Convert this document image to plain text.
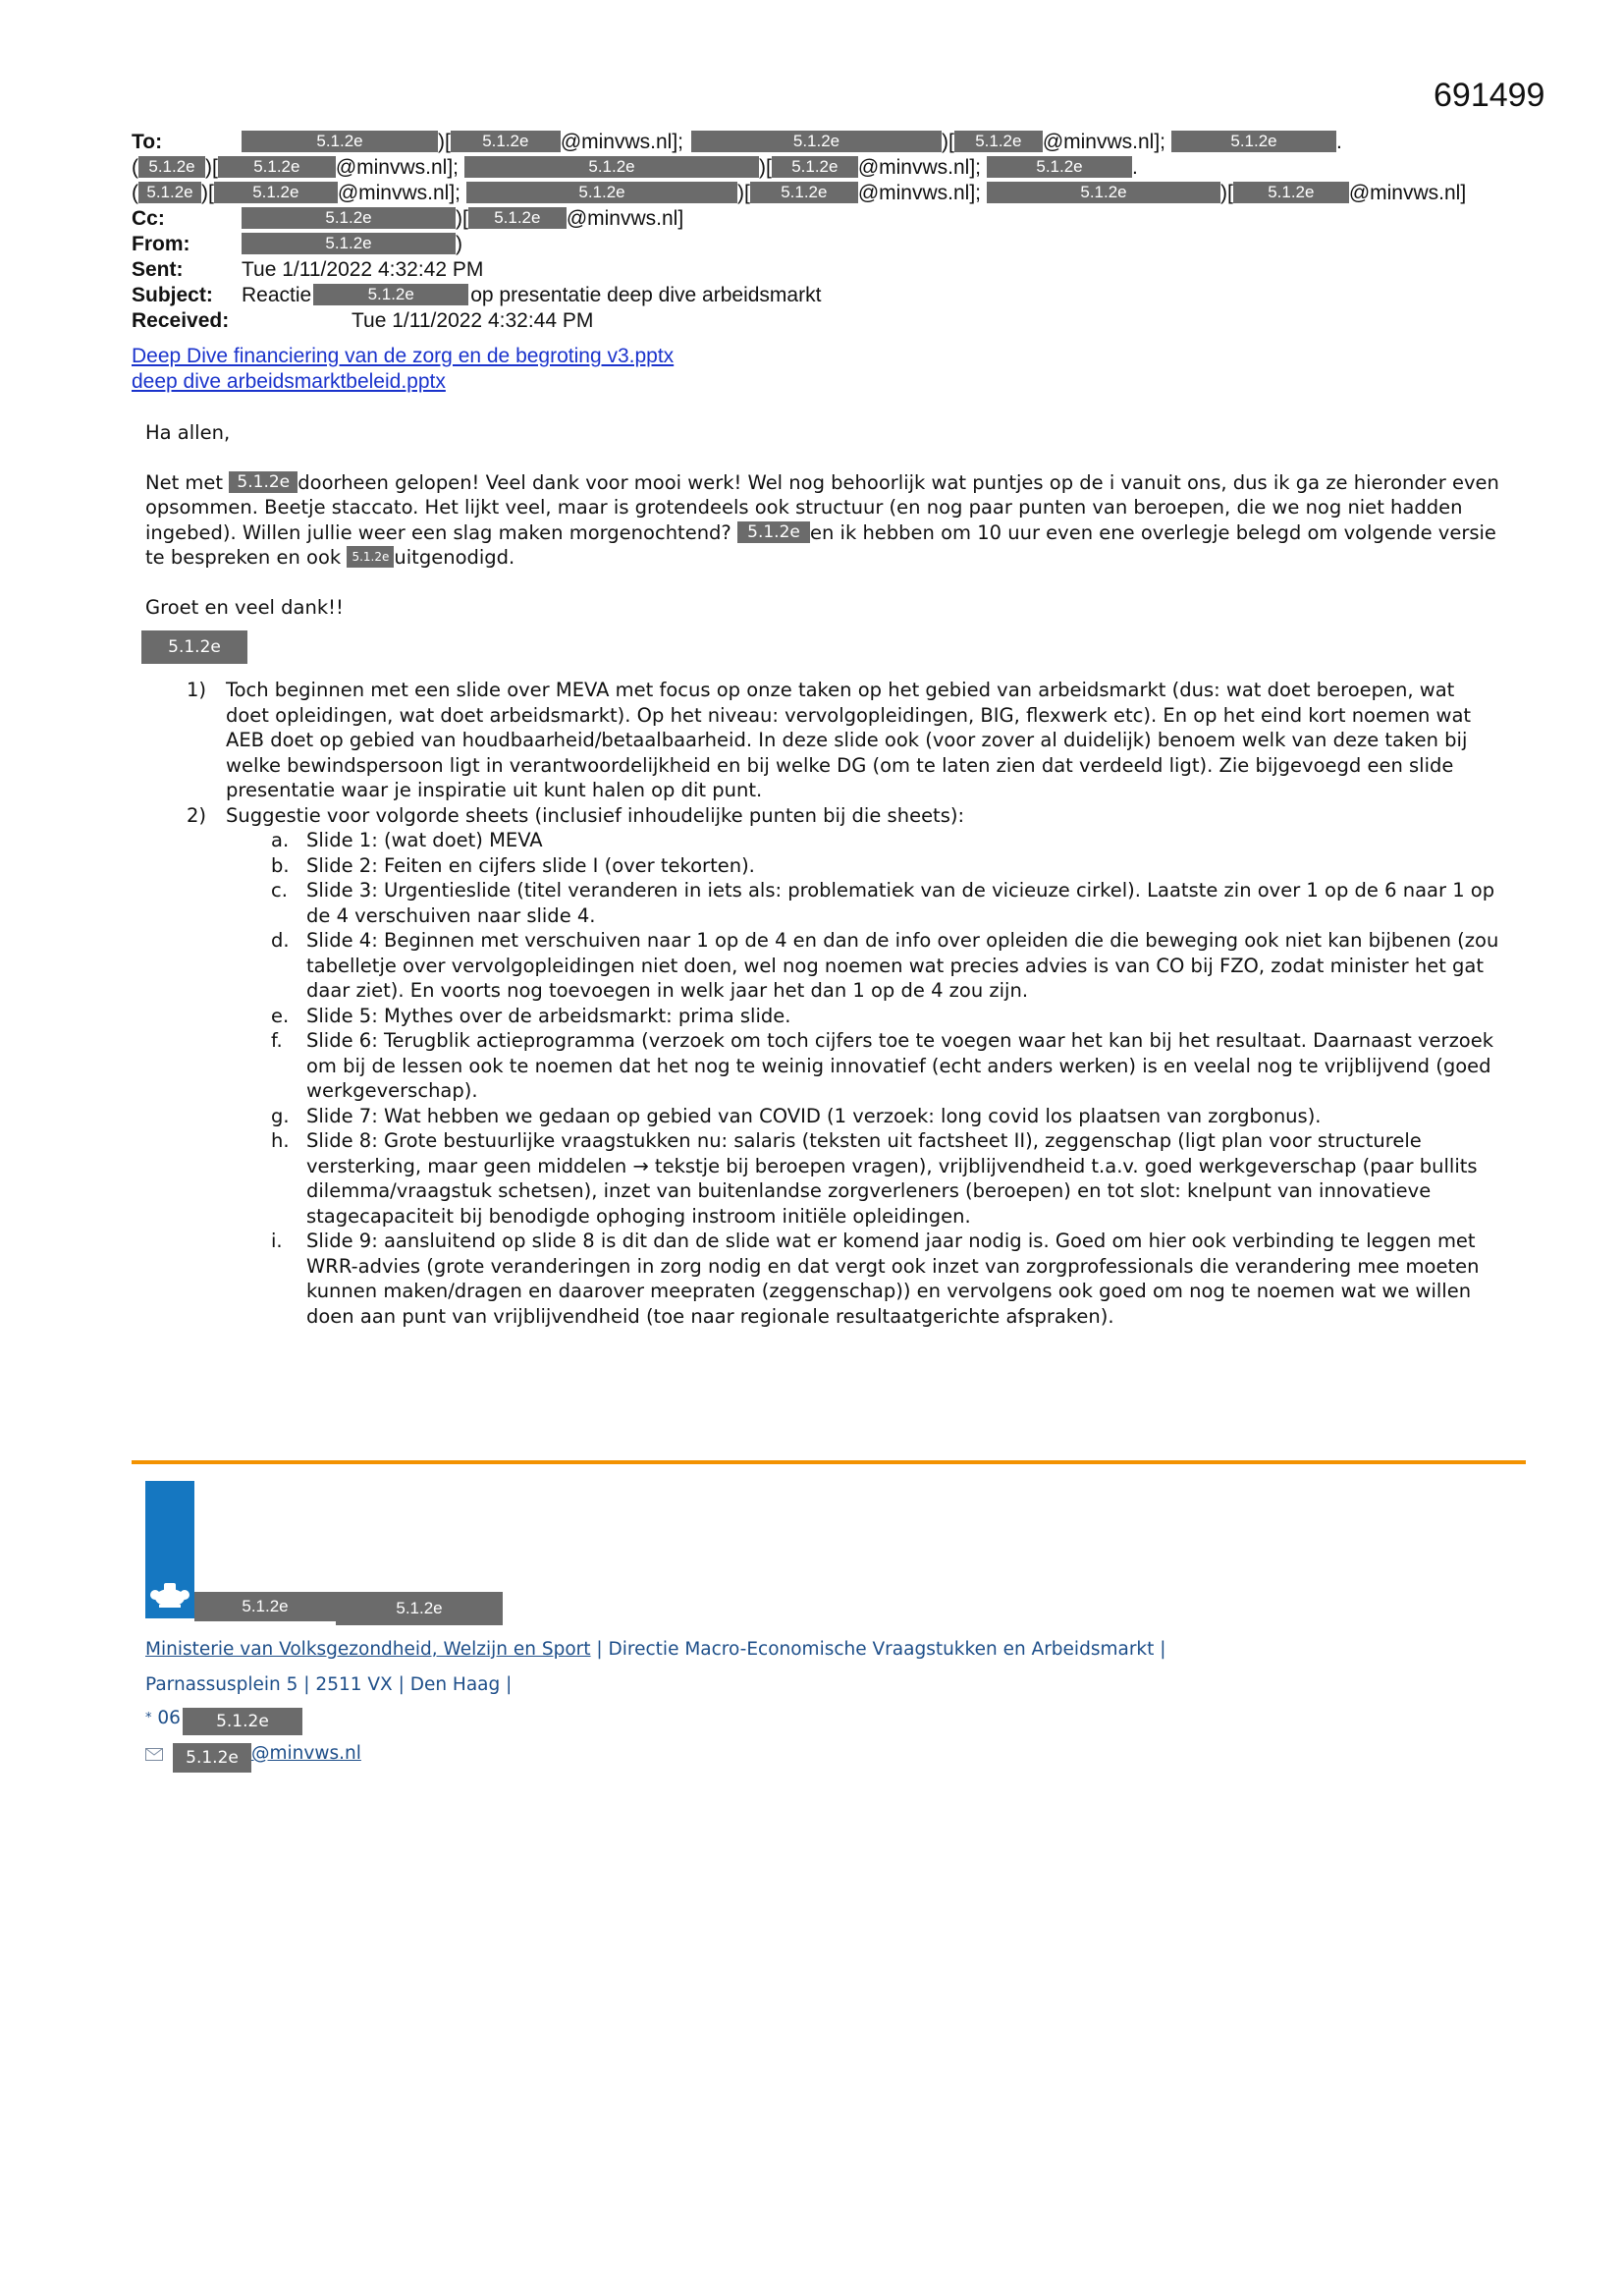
691499
To:	5.1.2e	)[ 5.1.2e @minvws.nl];	5.1.2e	)[ 5.1.2e @minvws.nl];	5.1.2e	.
( 5.1.2e )[ 5.1.2e @minvws.nl];	5.1.2e	)[ 5.1.2e @minvws.nl];	5.1.2e .
( 5.1.2e )[ 5.1.2e @minvws.nl];	5.1.2e	)[ 5.1.2e @minvws.nl];	5.1.2e	)[ 5.1.2e @minvws.nl]
Cc:	5.1.2e	)[ 5.1.2e @minvws.nl]
From:	5.1.2e	)
Sent:	Tue 1/11/2022 4:32:42 PM
Subject: Reactie	5.1.2e	op presentatie deep dive arbeidsmarkt
Received:	Tue 1/11/2022 4:32:44 PM
Deep Dive financiering van de zorg en de begroting v3.pptx
deep dive arbeidsmarktbeleid.pptx

Ha allen,

Net met 5.1.2e doorheen gelopen! Veel dank voor mooi werk! Wel nog behoorlijk wat puntjes op de i vanuit ons, dus ik ga ze hieronder even opsommen. Beetje staccato. Het lijkt veel, maar is grotendeels ook structuur (en nog paar punten van beroepen, die we nog niet hadden ingebed). Willen jullie weer een slag maken morgenochtend? 5.1.2e en ik hebben om 10 uur even ene overlegje belegd om volgende versie te bespreken en ook 5.1.2e uitgenodigd.

Groet en veel dank!!

5.1.2e

1) Toch beginnen met een slide over MEVA met focus op onze taken op het gebied van arbeidsmarkt (dus: wat doet beroepen, wat doet opleidingen, wat doet arbeidsmarkt). Op het niveau: vervolgopleidingen, BIG, flexwerk etc). En op het eind kort noemen wat AEB doet op gebied van houdbaarheid/betaalbaarheid. In deze slide ook (voor zover al duidelijk) benoem welk van deze taken bij welke bewindspersoon ligt in verantwoordelijkheid en bij welke DG (om te laten zien dat verdeeld ligt). Zie bijgevoegd een slide presentatie waar je inspiratie uit kunt halen op dit punt.
2) Suggestie voor volgorde sheets (inclusief inhoudelijke punten bij die sheets):
a. Slide 1: (wat doet) MEVA
b. Slide 2: Feiten en cijfers slide I (over tekorten).
c. Slide 3: Urgentieslide (titel veranderen in iets als: problematiek van de vicieuze cirkel). Laatste zin over 1 op de 6 naar 1 op de 4 verschuiven naar slide 4.
d. Slide 4: Beginnen met verschuiven naar 1 op de 4 en dan de info over opleiden die die beweging ook niet kan bijbenen (zou tabelletje over vervolgopleidingen niet doen, wel nog noemen wat precies advies is van CO bij FZO, zodat minister het gat daar ziet). En voorts nog toevoegen in welk jaar het dan 1 op de 4 zou zijn.
e. Slide 5: Mythes over de arbeidsmarkt: prima slide.
f. Slide 6: Terugblik actieprogramma (verzoek om toch cijfers toe te voegen waar het kan bij het resultaat. Daarnaast verzoek om bij de lessen ook te noemen dat het nog te weinig innovatief (echt anders werken) is en veelal nog te vrijblijvend (goed werkgeverschap).
g. Slide 7: Wat hebben we gedaan op gebied van COVID (1 verzoek: long covid los plaatsen van zorgbonus).
h. Slide 8: Grote bestuurlijke vraagstukken nu: salaris (teksten uit factsheet II), zeggenschap (ligt plan voor structurele versterking, maar geen middelen → tekstje bij beroepen vragen), vrijblijvendheid t.a.v. goed werkgeverschap (paar bullits dilemma/vraagstuk schetsen), inzet van buitenlandse zorgverleners (beroepen) en tot slot: knelpunt van innovatieve stagecapaciteit bij benodigde ophoging instroom initiële opleidingen.
i. Slide 9: aansluitend op slide 8 is dit dan de slide wat er komend jaar nodig is. Goed om hier ook verbinding te leggen met WRR-advies (grote veranderingen in zorg nodig en dat vergt ook inzet van zorgprofessionals die verandering mee moeten kunnen maken/dragen en daarover meepraten (zeggenschap)) en vervolgens ook goed om nog te noemen wat we willen doen aan punt van vrijblijvendheid (toe naar regionale resultaatgerichte afspraken).
5.1.2e	5.1.2e
Ministerie van Volksgezondheid, Welzijn en Sport | Directie Macro-Economische Vraagstukken en Arbeidsmarkt |
Parnassusplein 5 | 2511 VX | Den Haag |
* 06 5.1.2e
5.1.2e @minvws.nl
